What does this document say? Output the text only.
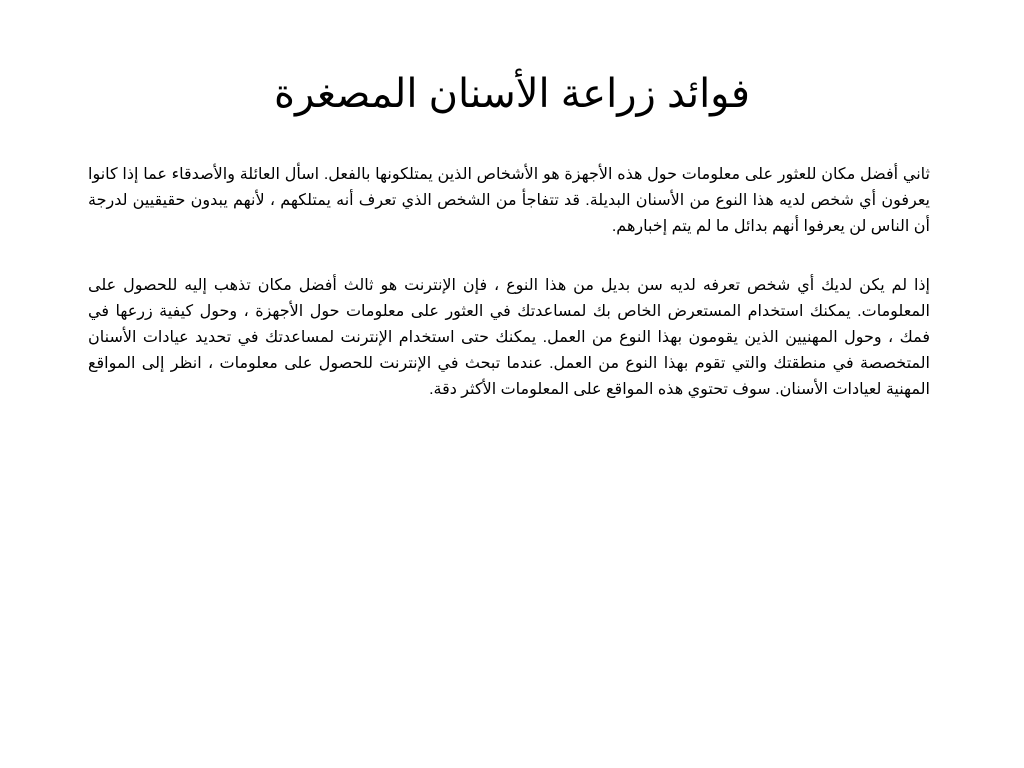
فوائد زراعة الأسنان المصغرة

ثاني أفضل مكان للعثور على معلومات حول هذه الأجهزة هو الأشخاص الذين يمتلكونها بالفعل. اسأل العائلة والأصدقاء عما إذا كانوا يعرفون أي شخص لديه هذا النوع من الأسنان البديلة. قد تتفاجأ من الشخص الذي تعرف أنه يمتلكهم ، لأنهم يبدون حقيقيين لدرجة أن الناس لن يعرفوا أنهم بدائل ما لم يتم إخبارهم.

إذا لم يكن لديك أي شخص تعرفه لديه سن بديل من هذا النوع ، فإن الإنترنت هو ثالث أفضل مكان تذهب إليه للحصول على المعلومات. يمكنك استخدام المستعرض الخاص بك لمساعدتك في العثور على معلومات حول الأجهزة ، وحول كيفية زرعها في فمك ، وحول المهنيين الذين يقومون بهذا النوع من العمل. يمكنك حتى استخدام الإنترنت لمساعدتك في تحديد عيادات الأسنان المتخصصة في منطقتك والتي تقوم بهذا النوع من العمل. عندما تبحث في الإنترنت للحصول على معلومات ، انظر إلى المواقع المهنية لعيادات الأسنان. سوف تحتوي هذه المواقع على المعلومات الأكثر دقة.
